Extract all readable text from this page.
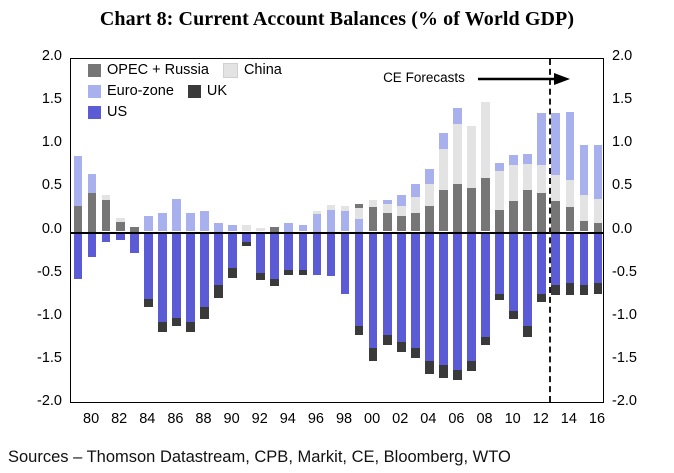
Chart 8: Current Account Balances (% of World GDP)
-2.0
-1.5
-1.0
-0.5
0.0
0.5
1.0
1.5
2.0
-2.0
-1.5
-1.0
-0.5
0.0
0.5
1.0
1.5
2.0
80 82 84 86 88 90 92 94 96 98 00 02 04 06 08 10 12 14 16
OPEC + Russia China
Euro-zone UK
US
CE Forecasts
Sources – Thomson Datastream, CPB, Markit, CE, Bloomberg, WTO
